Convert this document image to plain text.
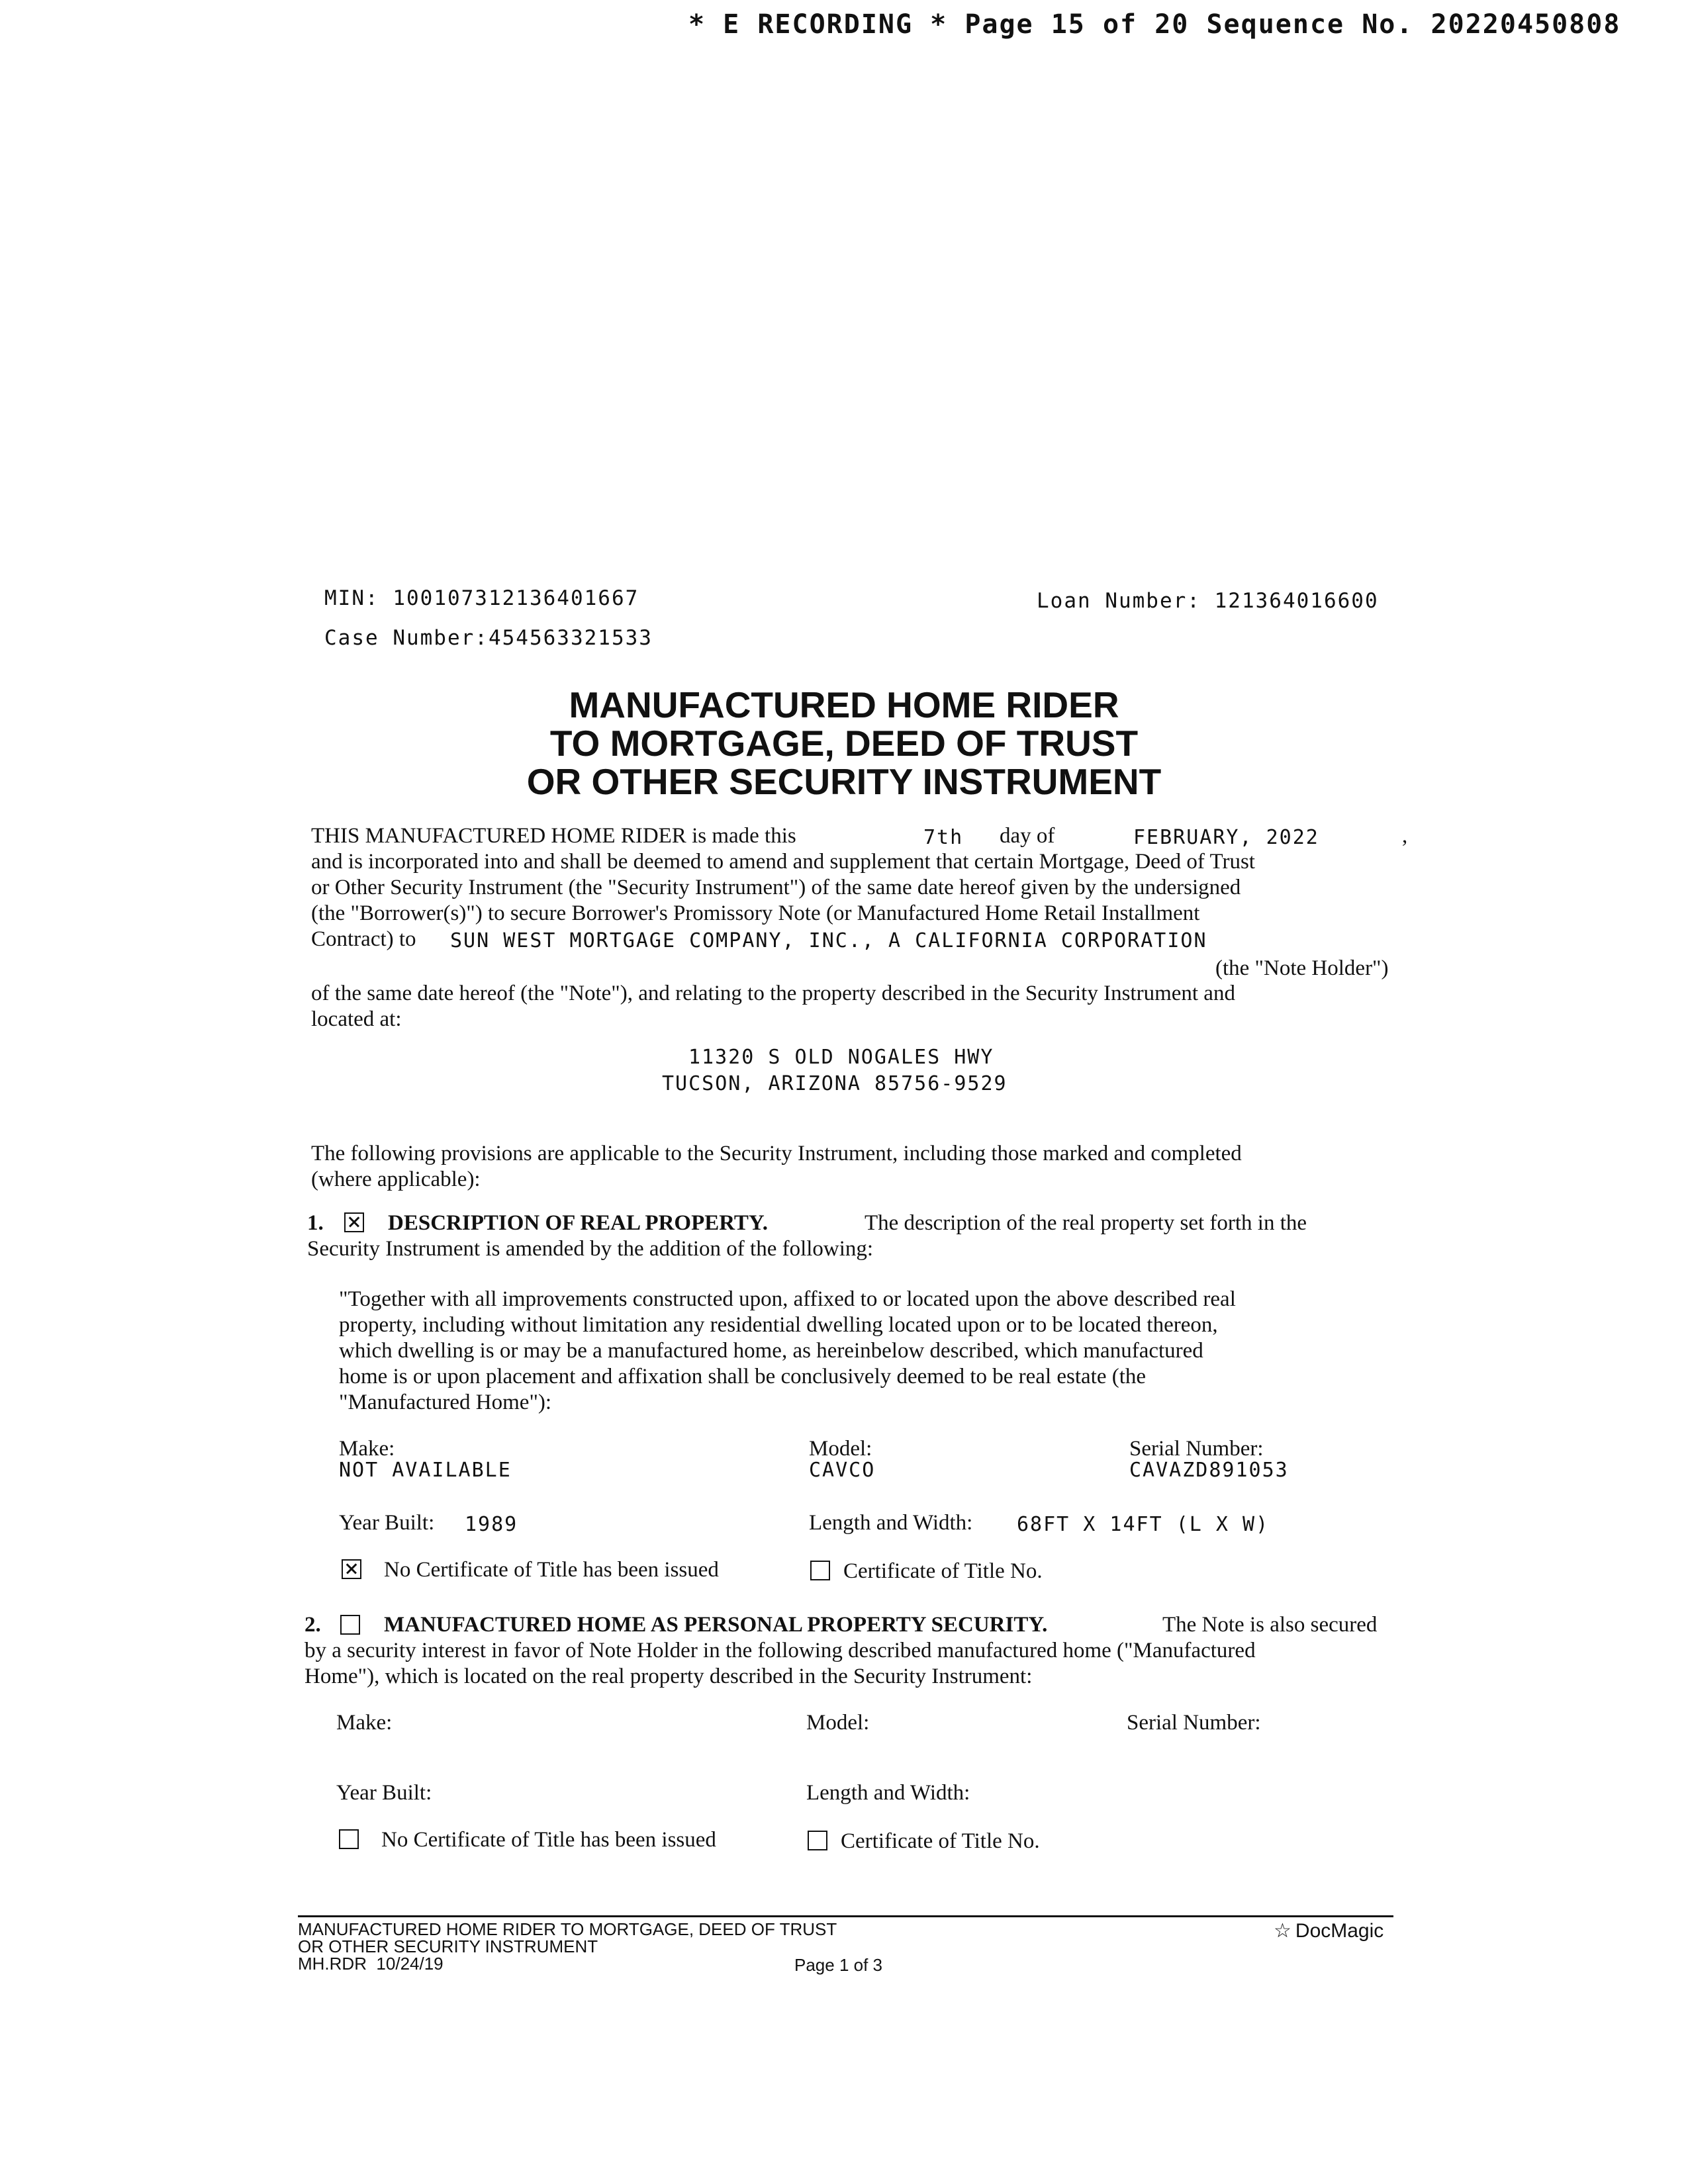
* E RECORDING * Page 15 of 20 Sequence No. 20220450808
MIN: 100107312136401667	Loan Number: 121364016600
Case Number:454563321533
MANUFACTURED HOME RIDER
TO MORTGAGE, DEED OF TRUST
OR OTHER SECURITY INSTRUMENT
THIS MANUFACTURED HOME RIDER is made this	7th day of	FEBRUARY, 2022	,
and is incorporated into and shall be deemed to amend and supplement that certain Mortgage, Deed of Trust
or Other Security Instrument (the "Security Instrument") of the same date hereof given by the undersigned
(the "Borrower(s)") to secure Borrower's Promissory Note (or Manufactured Home Retail Installment
Contract) to SUN WEST MORTGAGE COMPANY, INC., A CALIFORNIA CORPORATION
(the "Note Holder")
of the same date hereof (the "Note"), and relating to the property described in the Security Instrument and
located at:
11320 S OLD NOGALES HWY
TUCSON, ARIZONA 85756-9529
The following provisions are applicable to the Security Instrument, including those marked and completed
(where applicable):
1.	DESCRIPTION OF REAL PROPERTY.	The description of the real property set forth in the
Security Instrument is amended by the addition of the following:
"Together with all improvements constructed upon, affixed to or located upon the above described real
property, including without limitation any residential dwelling located upon or to be located thereon,
which dwelling is or may be a manufactured home, as hereinbelow described, which manufactured
home is or upon placement and affixation shall be conclusively deemed to be real estate (the
"Manufactured Home"):
Make:
NOT AVAILABLE
Model:
CAVCO
Serial Number:
CAVAZD891053
Year Built: 1989	Length and Width: 68FT X 14FT (L X W)
No Certificate of Title has been issued	Certificate of Title No.
2.	MANUFACTURED HOME AS PERSONAL PROPERTY SECURITY.	The Note is also secured
by a security interest in favor of Note Holder in the following described manufactured home ("Manufactured
Home"), which is located on the real property described in the Security Instrument:
Make:	Model:	Serial Number:
Year Built:	Length and Width:
No Certificate of Title has been issued	Certificate of Title No.
MANUFACTURED HOME RIDER TO MORTGAGE, DEED OF TRUST
OR OTHER SECURITY INSTRUMENT
MH.RDR  10/24/19	Page 1 of 3
☆ DocMagic
